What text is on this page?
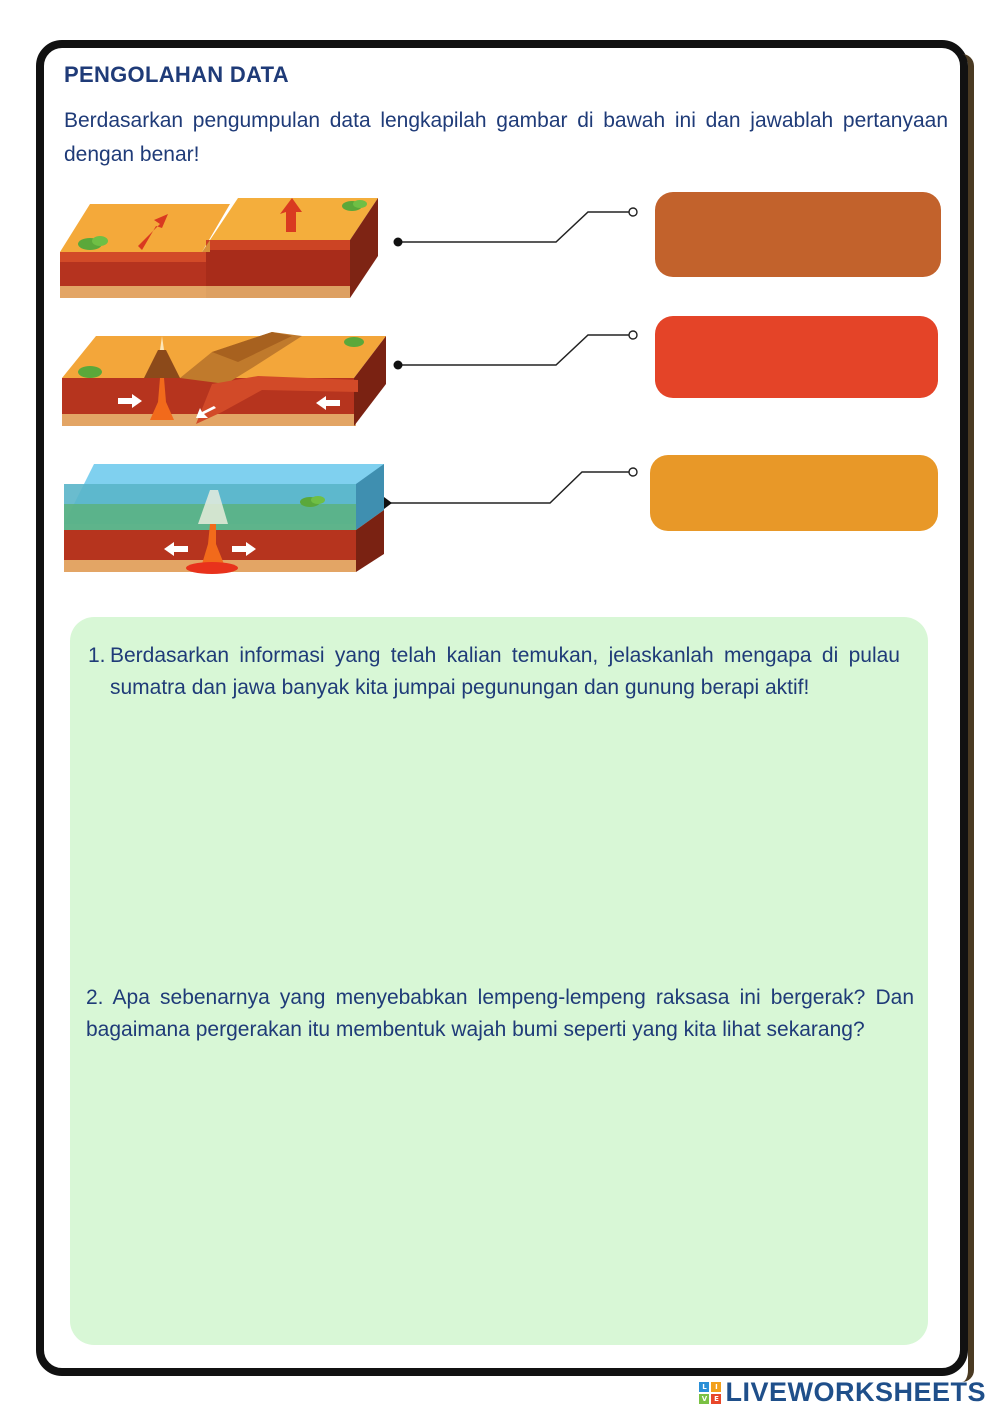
PENGOLAHAN DATA
Berdasarkan pengumpulan data lengkapilah gambar di bawah ini dan jawablah pertanyaan dengan benar!
1. Berdasarkan informasi yang telah kalian temukan, jelaskanlah mengapa di pulau sumatra dan jawa banyak kita jumpai pegunungan dan gunung berapi aktif!
2. Apa sebenarnya yang menyebabkan lempeng-lempeng raksasa ini bergerak? Dan bagaimana pergerakan itu membentuk wajah bumi seperti yang kita lihat sekarang?
L	I
V E LIVEWORKSHEETS
